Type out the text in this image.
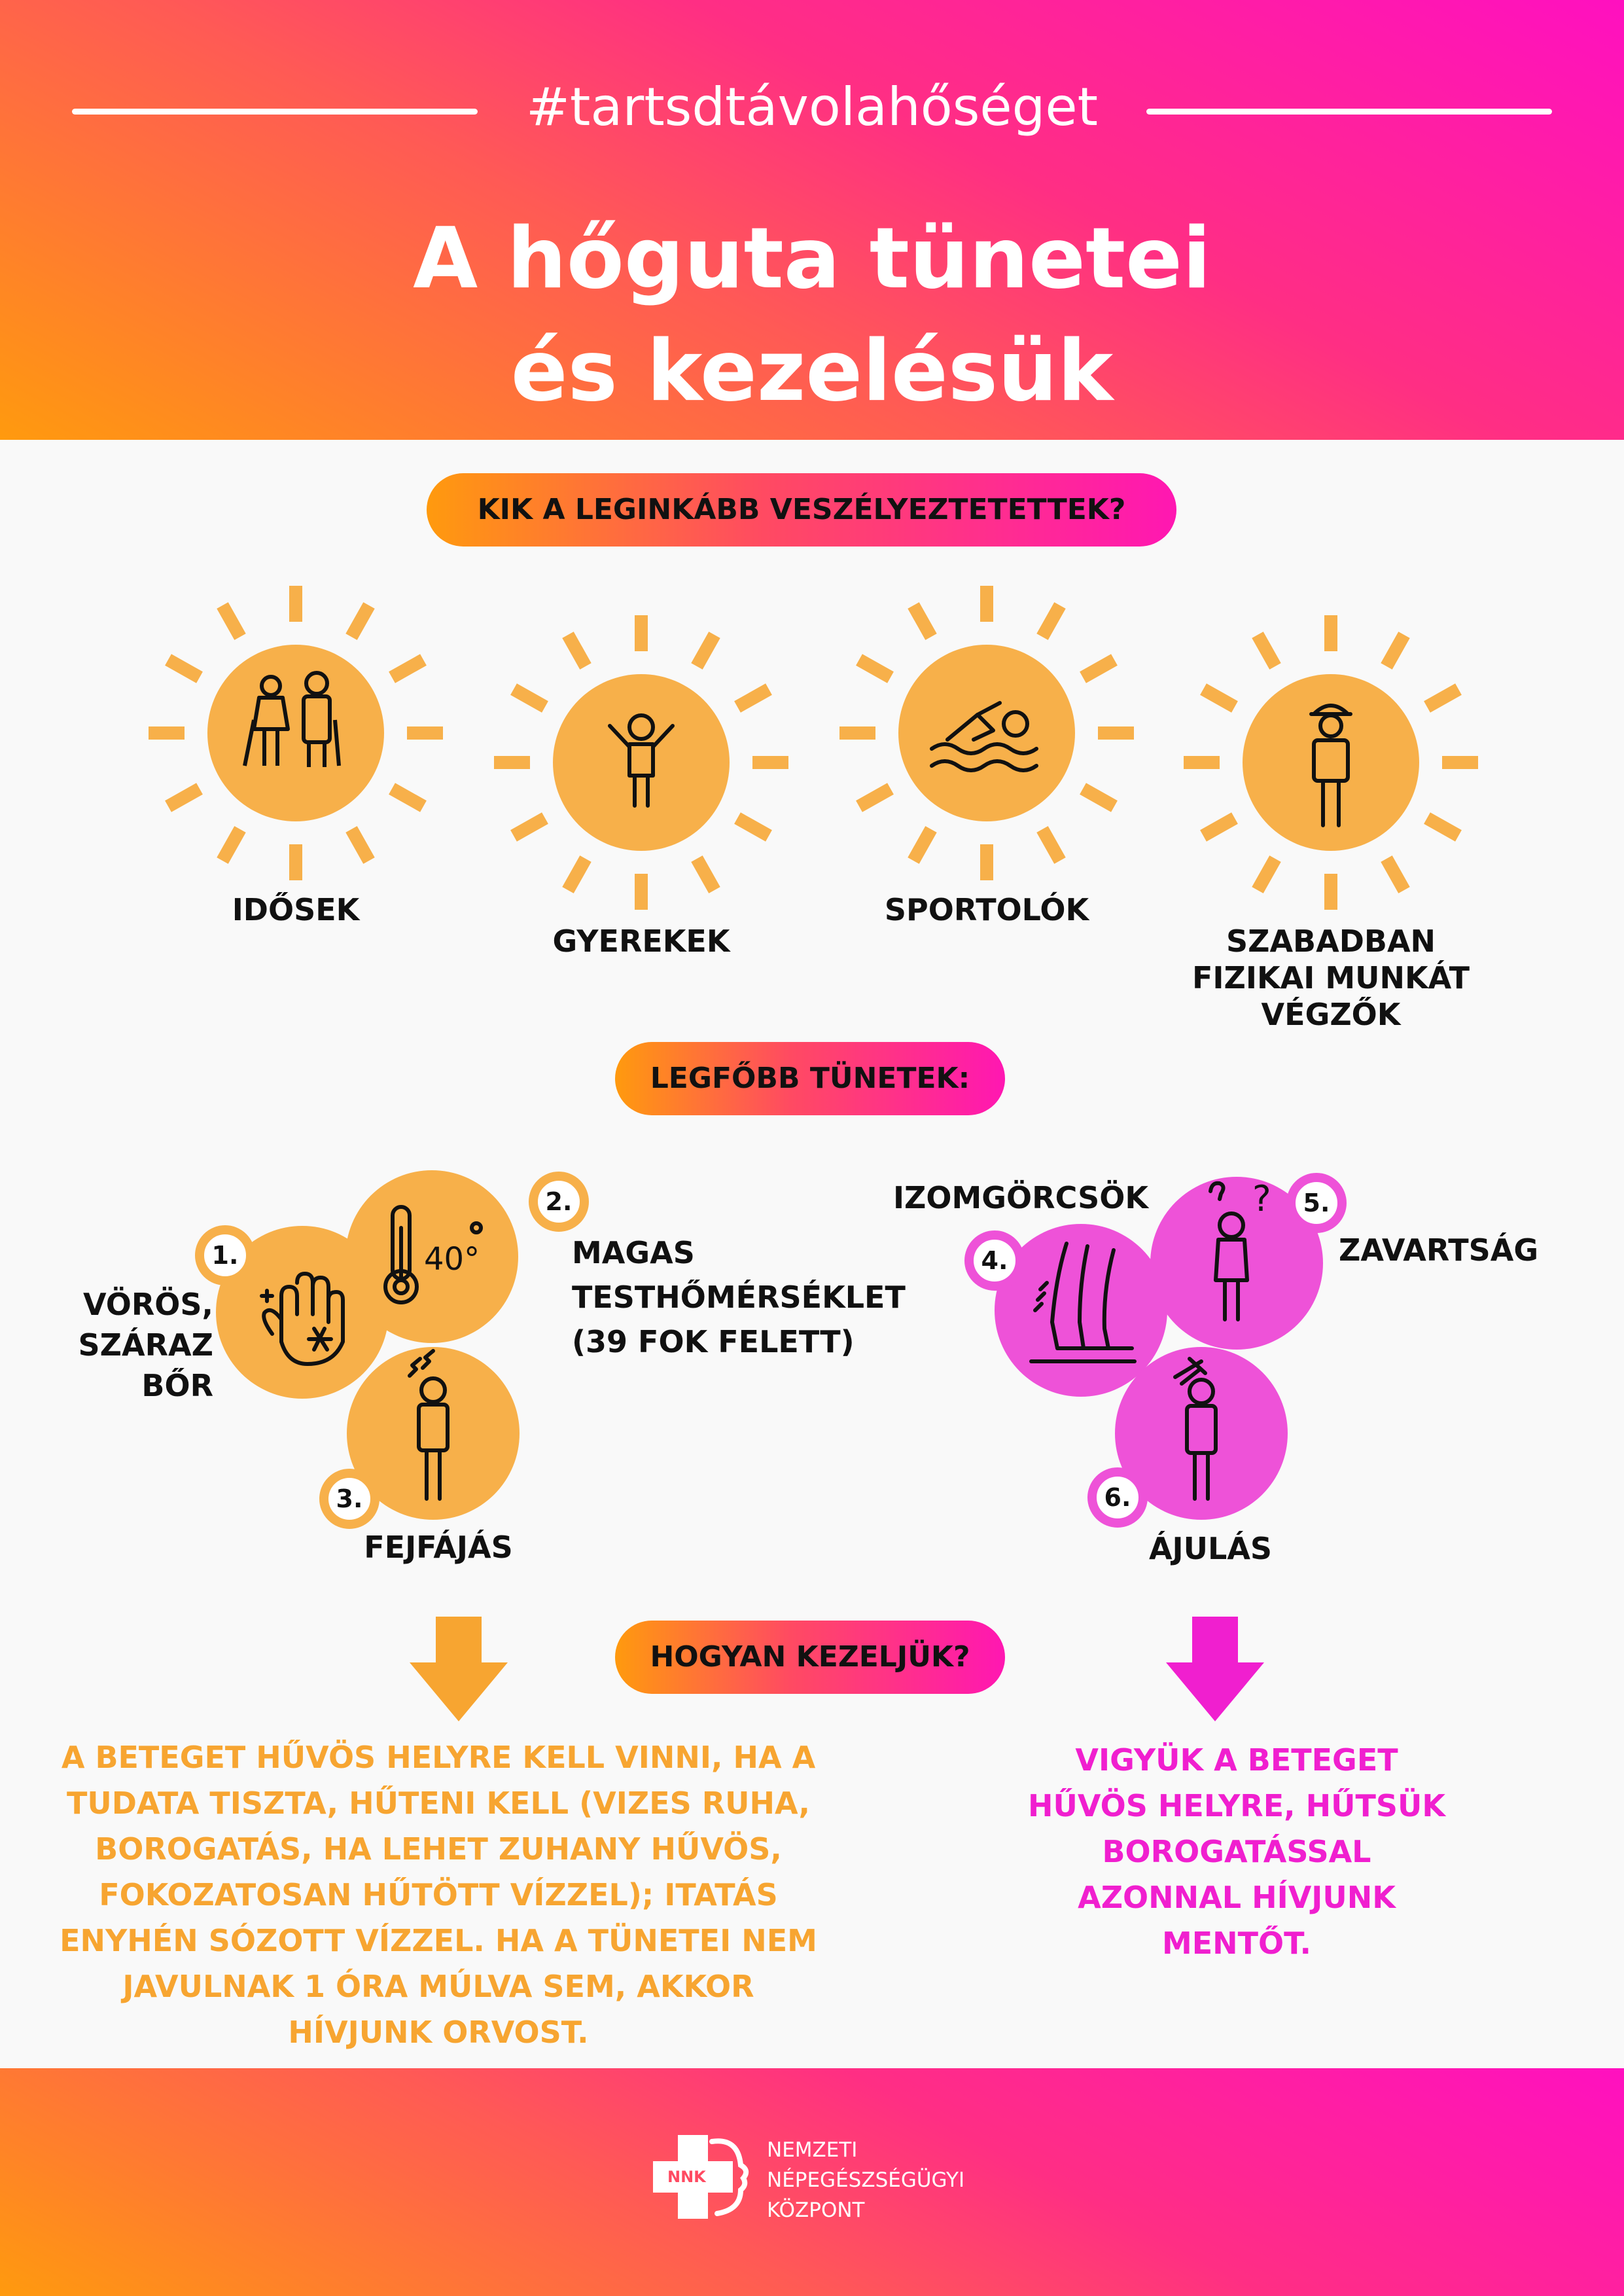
#tartsdtávolahőséget
A hőguta tünetei
és kezelésük
KIK A LEGINKÁBB VESZÉLYEZTETETTEK?
IDŐSEK
GYEREKEK
SPORTOLÓK
SZABADBAN
FIZIKAI MUNKÁT
VÉGZŐK
LEGFŐBB TÜNETEK:
40°
1.
2.
3.
VÖRÖS,
SZÁRAZ
BŐR
MAGAS
TESTHŐMÉRSÉKLET
(39 FOK FELETT)
FEJFÁJÁS
?
4.
5.
6.
IZOMGÖRCSÖK
ZAVARTSÁG
ÁJULÁS
HOGYAN KEZELJÜK?
A BETEGET HŰVÖS HELYRE KELL VINNI, HA A
TUDATA TISZTA, HŰTENI KELL (VIZES RUHA,
BOROGATÁS, HA LEHET ZUHANY HŰVÖS,
FOKOZATOSAN HŰTÖTT VÍZZEL); ITATÁS
ENYHÉN SÓZOTT VÍZZEL. HA A TÜNETEI NEM
JAVULNAK 1 ÓRA MÚLVA SEM, AKKOR
HÍVJUNK ORVOST.
VIGYÜK A BETEGET
HŰVÖS HELYRE, HŰTSÜK
BOROGATÁSSAL
AZONNAL HÍVJUNK
MENTŐT.
NNK
NEMZETI
NÉPEGÉSZSÉGÜGYI
KÖZPONT
